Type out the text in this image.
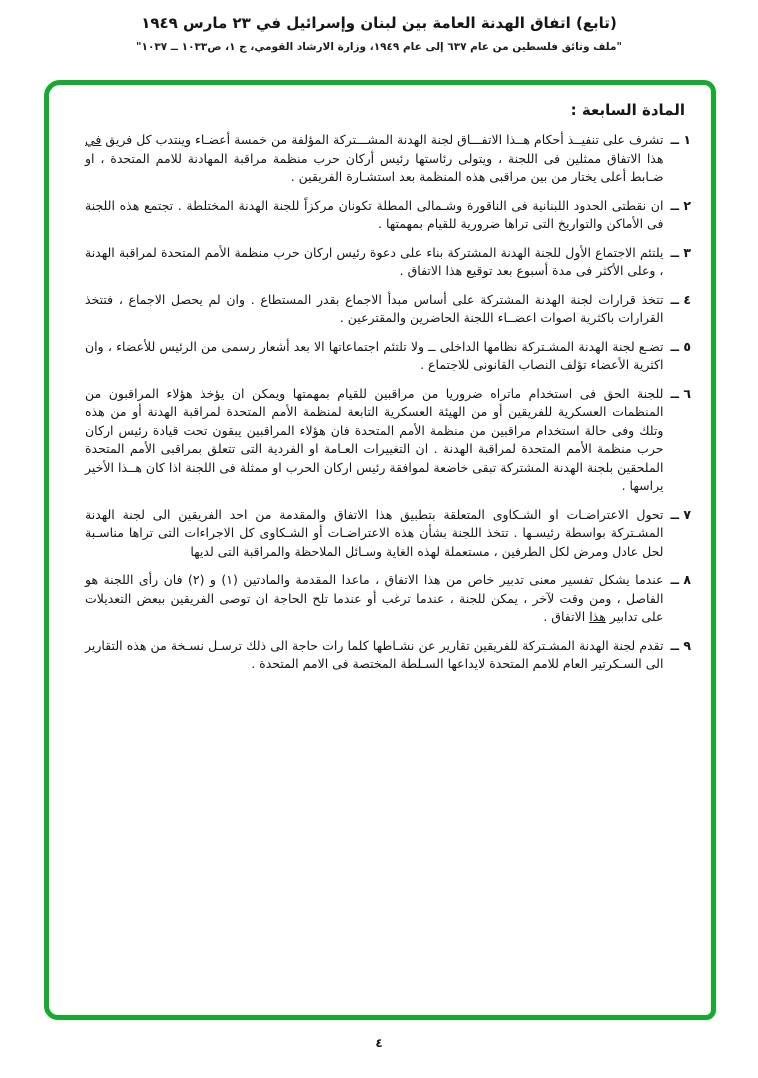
(تابع) اتفاق الهدنة العامة بين لبنان وإسرائيل في ٢٣ مارس ١٩٤٩
"ملف وثائق فلسطين من عام ٦٣٧ إلى عام ١٩٤٩، وزارة الارشاد القومي، ج ١، ص١٠٣٣ ــ ١٠٣٧"
المادة السابعة :
١ ــ
تشرف على تنفيــذ أحكام هــذا الاتفـــاق لجنة الهدنة المشـــتركة المؤلفة من خمسة أعضـاء وينتدب كل فريق في هذا الاتفاق ممثلين فى اللجنة ، ويتولى رئاستها رئيس أركان حرب منظمة مراقبة المهادنة للامم المتحدة ، او ضـابط أعلى يختار من بين مراقبى هذه المنظمة بعد استشـارة الفريقين .
٢ ــ
ان نقطتى الحدود اللبنانية فى الناقورة وشـمالى المطلة تكونان مركزاً للجنة الهدنة المختلطة . تجتمع هذه اللجنة فى الأماكن والتواريخ التى تراها ضرورية للقيام بمهمتها .
٣ ــ
يلتئم الاجتماع الأول للجنة الهدنة المشتركة بناء على دعوة رئيس اركان حرب منظمة الأمم المتحدة لمراقبة الهدنة ، وعلى الأكثر فى مدة أسبوع بعد توقيع هذا الاتفاق .
٤ ــ
تتخذ قرارات لجنة الهدنة المشتركة على أساس مبدأ الاجماع بقدر المستطاع . وان لم يحصل الاجماع ، فتتخذ القرارات باكثرية اصوات اعضــاء اللجنة الحاضرين والمقترعين .
٥ ــ
تضـع لجنة الهدنة المشـتركة نظامها الداخلى ــ ولا تلتئم اجتماعاتها الا بعد أشعار رسمى من الرئيس للأعضاء ، وان اكثرية الأعضاء تؤلف النصاب القانونى للاجتماع .
٦ ــ
للجنة الحق فى استخدام ماتراه ضروريا من مراقبين للقيام بمهمتها ويمكن ان يؤخذ هؤلاء المراقبون من المنظمات العسكرية للفريقين أو من الهيئة العسكرية التابعة لمنظمة الأمم المتحدة لمراقبة الهدنة أو من هذه وتلك وفى حالة استخدام مراقبين من منظمة الأمم المتحدة فان هؤلاء المراقبين يبقون تحت قيادة رئيس اركان حرب منظمة الأمم المتحدة لمراقبة الهدنة . ان التغييرات العـامة او الفردية التى تتعلق بمراقبى الأمم المتحدة الملحقين بلجنة الهدنة المشتركة تبقى خاضعة لموافقة رئيس اركان الحرب او ممثلة فى اللجنة اذا كان هــذا الأخير يراسها .
٧ ــ
تحول الاعتراضـات او الشـكاوى المتعلقة بتطبيق هذا الاتفاق والمقدمة من احد الفريقين الى لجنة الهدنة المشـتركة بواسطة رئيسـها . تتخذ اللجنة بشأن هذه الاعتراضـات أو الشـكاوى كل الاجراءات التى تراها مناسـبة لحل عادل ومرض لكل الطرفين ، مستعملة لهذه الغاية وسـائل الملاحظة والمراقبة التى لديها
٨ ــ
عندما يشكل تفسير معنى تدبير خاص من هذا الاتفاق ، ماعدا المقدمة والمادتين (١) و (٢) فان رأى اللجنة هو الفاصل ، ومن وقت لآخر ، يمكن للجنة ، عندما ترغب أو عندما تلح الحاجة ان توصى الفريقين ببعض التعديلات على تدابير هذا الاتفاق .
٩ ــ
تقدم لجنة الهدنة المشـتركة للفريقين تقارير عن نشـاطها كلما رات حاجة الى ذلك ترسـل نسـخة من هذه التقارير الى السـكرتير العام للامم المتحدة لايداعها السـلطة المختصة فى الامم المتحدة .
٤
